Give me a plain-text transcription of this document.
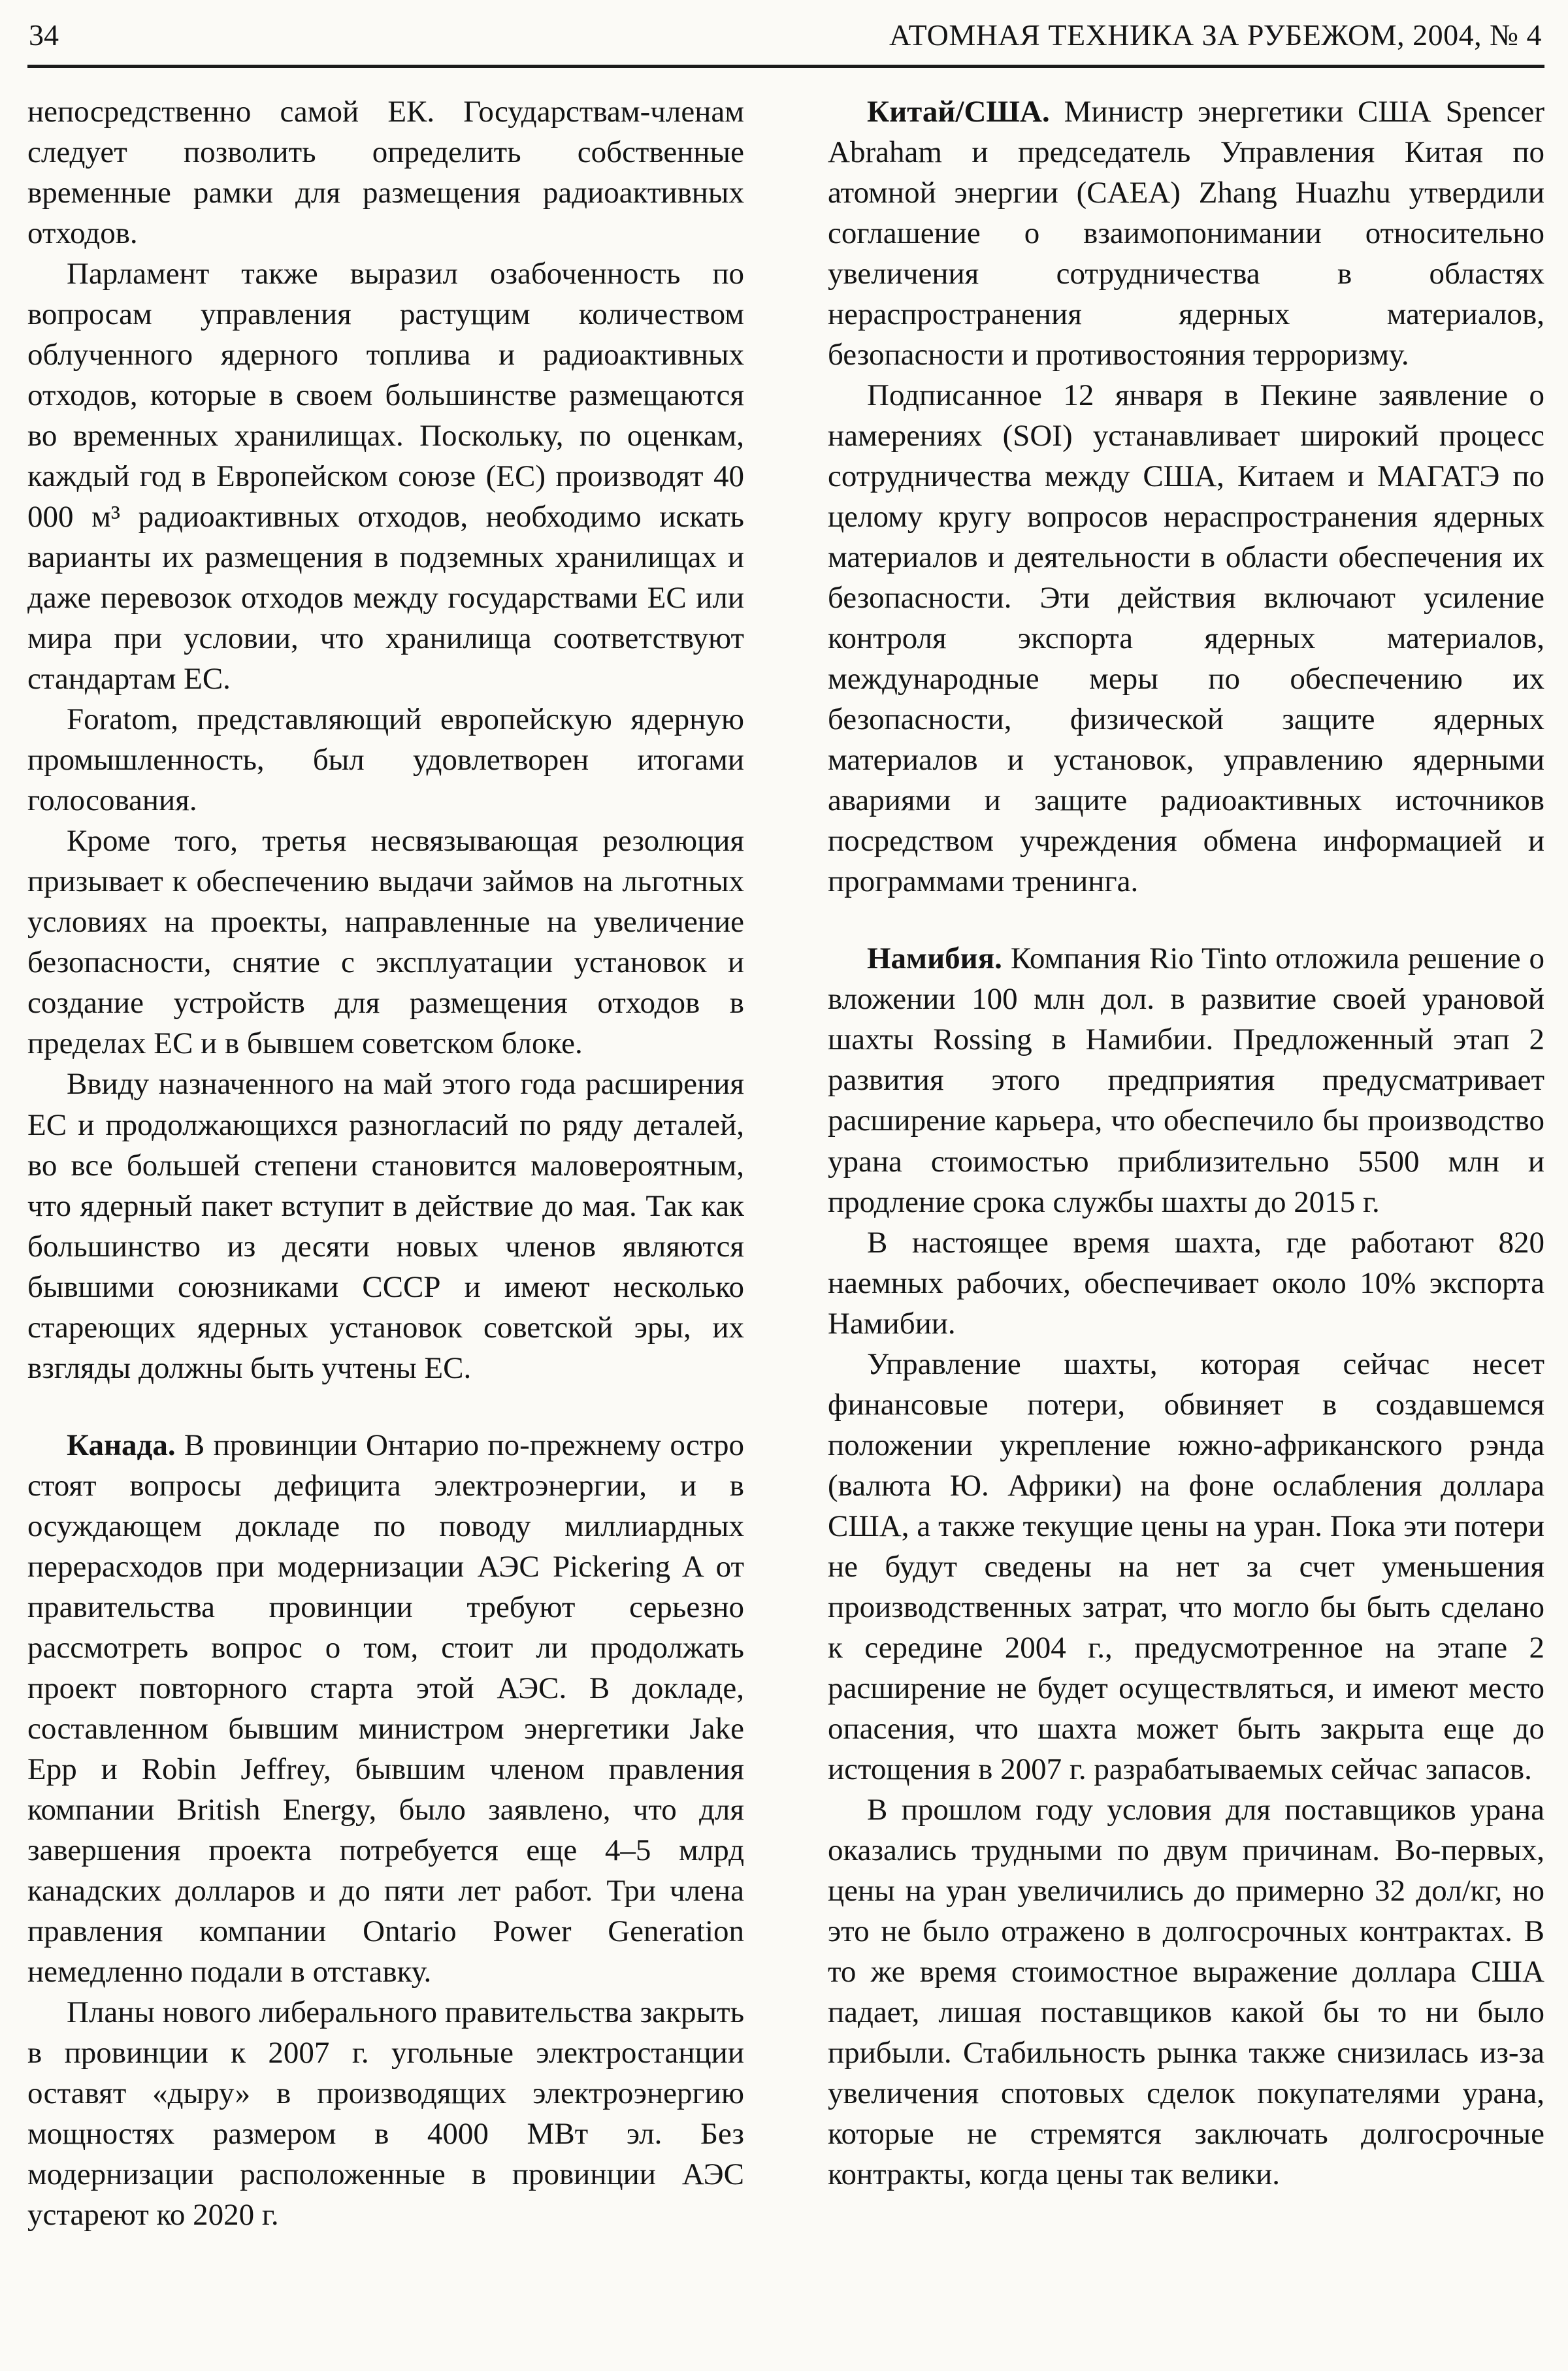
34	АТОМНАЯ ТЕХНИКА ЗА РУБЕЖОМ, 2004, № 4

непосредственно самой ЕК. Государствам-членам следует позволить определить собственные временные рамки для размещения радиоактивных отходов.

Парламент также выразил озабоченность по вопросам управления растущим количеством облученного ядерного топлива и радиоактивных отходов, которые в своем большинстве размещаются во временных хранилищах. Поскольку, по оценкам, каждый год в Европейском союзе (ЕС) производят 40 000 м³ радиоактивных отходов, необходимо искать варианты их размещения в подземных хранилищах и даже перевозок отходов между государствами ЕС или мира при условии, что хранилища соответствуют стандартам ЕС.

Foratom, представляющий европейскую ядерную промышленность, был удовлетворен итогами голосования.

Кроме того, третья несвязывающая резолюция призывает к обеспечению выдачи займов на льготных условиях на проекты, направленные на увеличение безопасности, снятие с эксплуатации установок и создание устройств для размещения отходов в пределах ЕС и в бывшем советском блоке.

Ввиду назначенного на май этого года расширения ЕС и продолжающихся разногласий по ряду деталей, во все большей степени становится маловероятным, что ядерный пакет вступит в действие до мая. Так как большинство из десяти новых членов являются бывшими союзниками СССР и имеют несколько стареющих ядерных установок советской эры, их взгляды должны быть учтены ЕС.

Канада. В провинции Онтарио по-прежнему остро стоят вопросы дефицита электроэнергии, и в осуждающем докладе по поводу миллиардных перерасходов при модернизации АЭС Pickering A от правительства провинции требуют серьезно рассмотреть вопрос о том, стоит ли продолжать проект повторного старта этой АЭС. В докладе, составленном бывшим министром энергетики Jake Epp и Robin Jeffrey, бывшим членом правления компании British Energy, было заявлено, что для завершения проекта потребуется еще 4–5 млрд канадских долларов и до пяти лет работ. Три члена правления компании Ontario Power Generation немедленно подали в отставку.

Планы нового либерального правительства закрыть в провинции к 2007 г. угольные электростанции оставят «дыру» в производящих электроэнергию мощностях размером в 4000 МВт эл. Без модернизации расположенные в провинции АЭС устареют ко 2020 г.

Китай/США. Министр энергетики США Spencer Abraham и председатель Управления Китая по атомной энергии (CAEA) Zhang Huazhu утвердили соглашение о взаимопонимании относительно увеличения сотрудничества в областях нераспространения ядерных материалов, безопасности и противостояния терроризму.

Подписанное 12 января в Пекине заявление о намерениях (SOI) устанавливает широкий процесс сотрудничества между США, Китаем и МАГАТЭ по целому кругу вопросов нераспространения ядерных материалов и деятельности в области обеспечения их безопасности. Эти действия включают усиление контроля экспорта ядерных материалов, международные меры по обеспечению их безопасности, физической защите ядерных материалов и установок, управлению ядерными авариями и защите радиоактивных источников посредством учреждения обмена информацией и программами тренинга.

Намибия. Компания Rio Tinto отложила решение о вложении 100 млн дол. в развитие своей урановой шахты Rossing в Намибии. Предложенный этап 2 развития этого предприятия предусматривает расширение карьера, что обеспечило бы производство урана стоимостью приблизительно 5500 млн и продление срока службы шахты до 2015 г.

В настоящее время шахта, где работают 820 наемных рабочих, обеспечивает около 10% экспорта Намибии.

Управление шахты, которая сейчас несет финансовые потери, обвиняет в создавшемся положении укрепление южно-африканского рэнда (валюта Ю. Африки) на фоне ослабления доллара США, а также текущие цены на уран. Пока эти потери не будут сведены на нет за счет уменьшения производственных затрат, что могло бы быть сделано к середине 2004 г., предусмотренное на этапе 2 расширение не будет осуществляться, и имеют место опасения, что шахта может быть закрыта еще до истощения в 2007 г. разрабатываемых сейчас запасов.

В прошлом году условия для поставщиков урана оказались трудными по двум причинам. Во-первых, цены на уран увеличились до примерно 32 дол/кг, но это не было отражено в долгосрочных контрактах. В то же время стоимостное выражение доллара США падает, лишая поставщиков какой бы то ни было прибыли. Стабильность рынка также снизилась из-за увеличения спотовых сделок покупателями урана, которые не стремятся заключать долгосрочные контракты, когда цены так велики.
